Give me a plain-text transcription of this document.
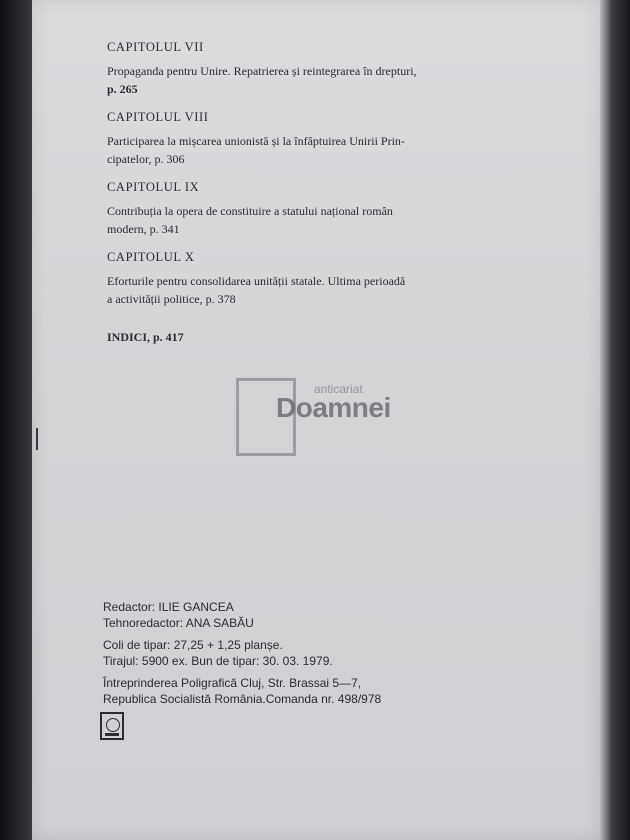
CAPITOLUL VII
Propaganda pentru Unire. Repatrierea și reintegrarea în drepturi,
p. 265
CAPITOLUL VIII
Participarea la mișcarea unionistă și la înfăptuirea Unirii Prin-
cipatelor, p. 306
CAPITOLUL IX
Contribuția la opera de constituire a statului național român
modern, p. 341
CAPITOLUL X
Eforturile pentru consolidarea unității statale. Ultima perioadă
a activității politice, p. 378
INDICI, p. 417
anticariat
Doamnei
Redactor: ILIE GANCEA
Tehnoredactor: ANA SABĂU
Coli de tipar: 27,25 + 1,25 planșe.
Tirajul: 5900 ex. Bun de tipar: 30. 03. 1979.
Întreprinderea Poligrafică Cluj, Str. Brassai 5—7,
Republica Socialistă România.Comanda nr. 498/978
